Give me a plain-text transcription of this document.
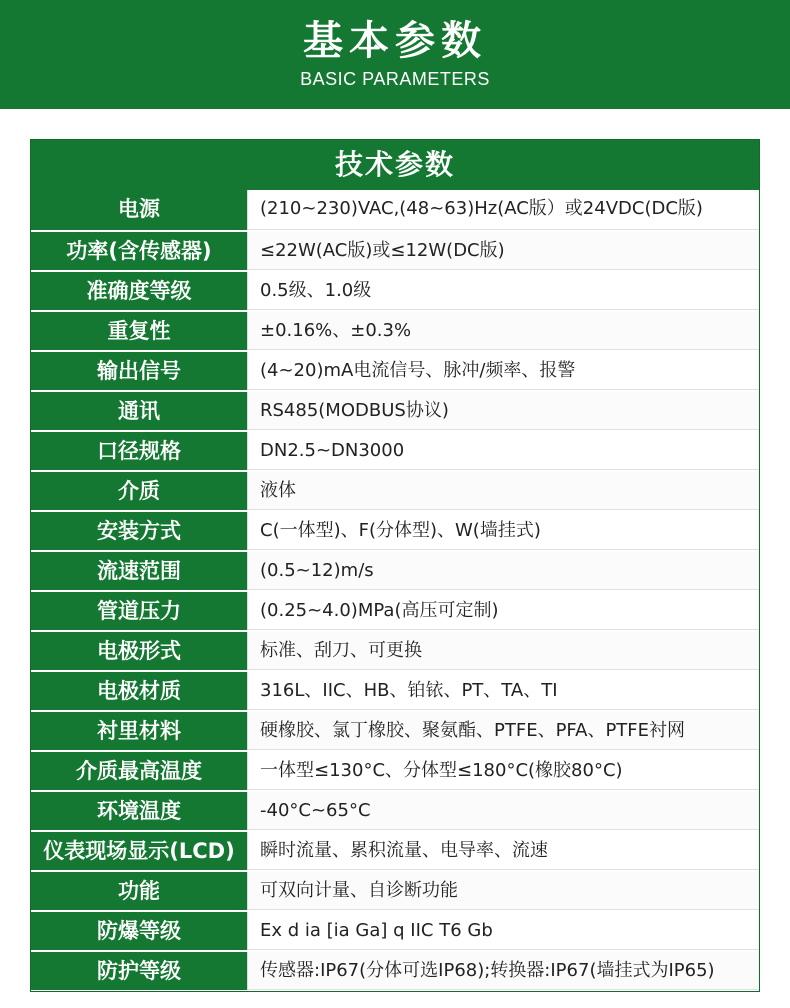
基本参数
BASIC PARAMETERS
技术参数
电源	(210~230)VAC,(48~63)Hz(AC版）或24VDC(DC版)
功率(含传感器)	≤22W(AC版)或≤12W(DC版)
准确度等级	0.5级、1.0级
重复性	±0.16%、±0.3%
输出信号	(4~20)mA电流信号、脉冲/频率、报警
通讯	RS485(MODBUS协议)
口径规格	DN2.5~DN3000
介质	液体
安装方式	C(一体型)、F(分体型)、W(墙挂式)
流速范围	(0.5~12)m/s
管道压力	(0.25~4.0)MPa(高压可定制)
电极形式	标准、刮刀、可更换
电极材质	316L、IIC、HB、铂铱、PT、TA、TI
衬里材料	硬橡胶、氯丁橡胶、聚氨酯、PTFE、PFA、PTFE衬网
介质最高温度	一体型≤130°C、分体型≤180°C(橡胶80°C)
环境温度	-40°C~65°C
仪表现场显示(LCD)	瞬时流量、累积流量、电导率、流速
功能	可双向计量、自诊断功能
防爆等级	Ex d ia [ia Ga] q IIC T6 Gb
防护等级	传感器:IP67(分体可选IP68);转换器:IP67(墙挂式为IP65)
